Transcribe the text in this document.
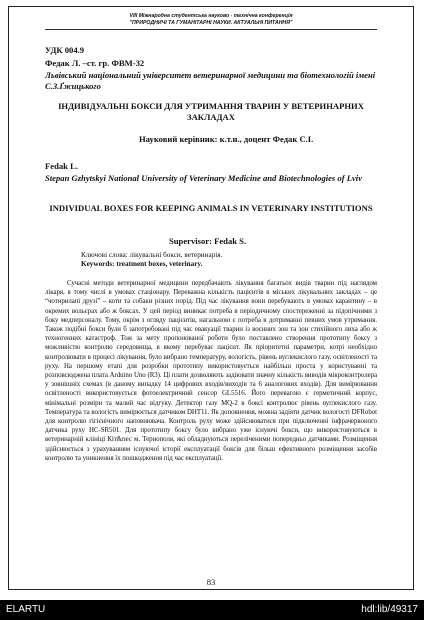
VIII Міжнародна студентська науково - технічна конференція
"ПРИРОДНИЧІ ТА ГУМАНІТАРНІ НАУКИ. АКТУАЛЬНІ ПИТАННЯ"
УДК 004.9
Федак Л. –ст. гр. ФВМ-32
Львівський національний університет ветеринарної медицини та біотехнологій імені С.З.Ґжицького
ІНДИВІДУАЛЬНІ БОКСИ ДЛЯ УТРИМАННЯ ТВАРИН У ВЕТЕРИНАРНИХ ЗАКЛАДАХ
Науковий керівник: к.т.н., доцент Федак С.І.
Fedak L.
Stepan Gzhytskyi National University of Veterinary Medicine and Biotechnologies of Lviv
INDIVIDUAL BOXES FOR KEEPING ANIMALS IN VETERINARY INSTITUTIONS
Supervisor: Fedak S.
Ключові слова: лікувальні бокси, ветеринарія.
Keywords: treatment boxes, veterinary.
Сучасні методи ветеринарної медицини передбачають лікування багатьох видів тварин під наглядом лікаря, в тому числі в умовах стаціонару. Переважна кількість пацієнтів в міських лікувальних закладах – це “чотирилапі друзі” – коти та собаки різних порід. Під час лікування вони перебувають в умовах карантину – в окремих вольєрах або ж боксах. У цей період виникає потреба в періодичному спостереженні за підопічними з боку медперсоналу. Тому, окрім з огляду пацієнтів, нагальною є потреба в дотриманні певних умов утримання. Також подібні бокси були б запотребовані під час евакуації тварин із воєнних зон та зон стихійного лиха або ж техногенних катастроф. Тож за мету пропонованої роботи було поставлено створення прототипу боксу з можливістю контролю середовища, в якому перебуває пацієнт. Як пріоритетні параметри, котрі необхідно контролювати в процесі лікування, було вибрано температуру, вологість, рівень вуглекислого газу, освітленості та руху. На першому етапі для розробки прототипу використовується найбільш проста у користуванні та розповсюджена плата Arduino Uno (R3). Ці плати дозволяють задіювати значну кількість виводів мікроконтролера у зовнішніх схемах (в даному випадку 14 цифрових входів/виходів та 6 аналогових входів). Для вимірювання освітленості використовується фотоелектричний сенсор GL5516. Його перевагою є герметичний корпус, мінімальні розміри та малий час відгуку. Детектор газу MQ-2 в боксі контролює рівень вуглекислого газу. Температура та вологість вимірюється датчиком DHT11. Як доповнення, можна задіяти датчик вологості DFRobot для контролю гігієнічного наповнювача. Контроль руху може здійснюватися при підключенні інфрачервоного датчика руху HC-SR501. Для прототипу боксу було вибрано уже існуючі бокси, що використовуються в ветеринарній клініці Кіт&пес м. Тернополя, які обладнуються переліченими попередньо датчиками. Розміщення здійснюється з урахуванням існуючої історії експлуатації боксів для більш ефективного розміщення засобів контролю та уникнення їх пошкодження під час експлуатації.
83
ELARTU	hdl:lib/49317
